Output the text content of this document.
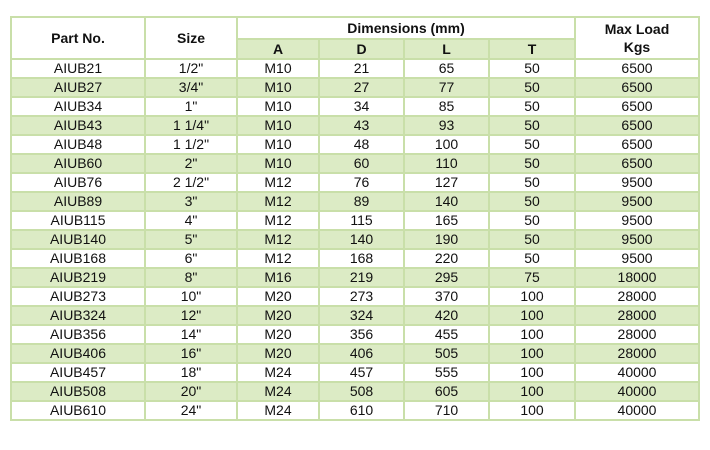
Part No.	Size	Dimensions (mm)				Max Load
Kgs
		A	D	L	T	
AIUB21	1/2"	M10	21	65	50	6500
AIUB27	3/4"	M10	27	77	50	6500
AIUB34	1"	M10	34	85	50	6500
AIUB43	1 1/4"	M10	43	93	50	6500
AIUB48	1 1/2"	M10	48	100	50	6500
AIUB60	2"	M10	60	110	50	6500
AIUB76	2 1/2"	M12	76	127	50	9500
AIUB89	3"	M12	89	140	50	9500
AIUB115	4"	M12	115	165	50	9500
AIUB140	5"	M12	140	190	50	9500
AIUB168	6"	M12	168	220	50	9500
AIUB219	8"	M16	219	295	75	18000
AIUB273	10"	M20	273	370	100	28000
AIUB324	12"	M20	324	420	100	28000
AIUB356	14"	M20	356	455	100	28000
AIUB406	16"	M20	406	505	100	28000
AIUB457	18"	M24	457	555	100	40000
AIUB508	20"	M24	508	605	100	40000
AIUB610	24"	M24	610	710	100	40000
